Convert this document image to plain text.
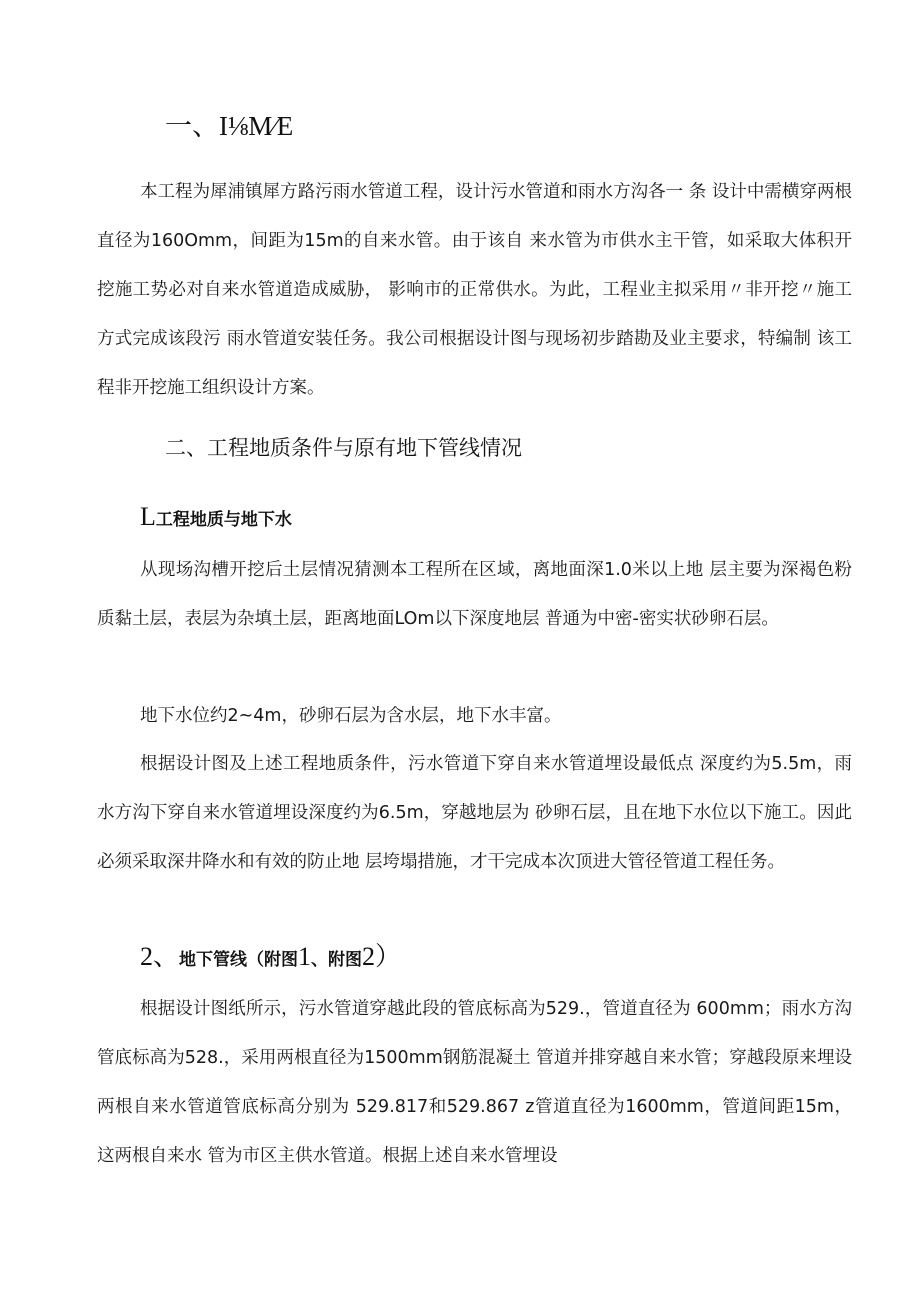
一、I⅛M⁄E

本工程为犀浦镇犀方路污雨水管道工程，设计污水管道和雨水方沟各一 条 设计中需横穿两根直径为160Omm，间距为15m的自来水管。由于该自 来水管为市供水主干管，如采取大体积开挖施工势必对自来水管道造成威胁， 影响市的正常供水。为此，工程业主拟采用〃非开挖〃施工方式完成该段污 雨水管道安装任务。我公司根据设计图与现场初步踏勘及业主要求，特编制 该工程非开挖施工组织设计方案。

二、工程地质条件与原有地下管线情况
L工程地质与地下水

从现场沟槽开挖后土层情况猜测本工程所在区域，离地面深1.0米以上地 层主要为深褐色粉质黏土层，表层为杂填土层，距离地面LOm以下深度地层 普通为中密-密实状砂卵石层。

地下水位约2~4m，砂卵石层为含水层，地下水丰富。

根据设计图及上述工程地质条件，污水管道下穿自来水管道埋设最低点 深度约为5.5m，雨水方沟下穿自来水管道埋设深度约为6.5m，穿越地层为 砂卵石层，且在地下水位以下施工。因此必须采取深井降水和有效的防止地 层垮塌措施，才干完成本次顶进大管径管道工程任务。

2、地下管线（附图1、附图2）

根据设计图纸所示，污水管道穿越此段的管底标高为529.，管道直径为 600mm；雨水方沟管底标高为528.，采用两根直径为1500mm钢筋混凝土 管道并排穿越自来水管；穿越段原来埋设两根自来水管道管底标高分别为 529.817和529.867 z管道直径为1600mm，管道间距15m，这两根自来水 管为市区主供水管道。根据上述自来水管埋设
